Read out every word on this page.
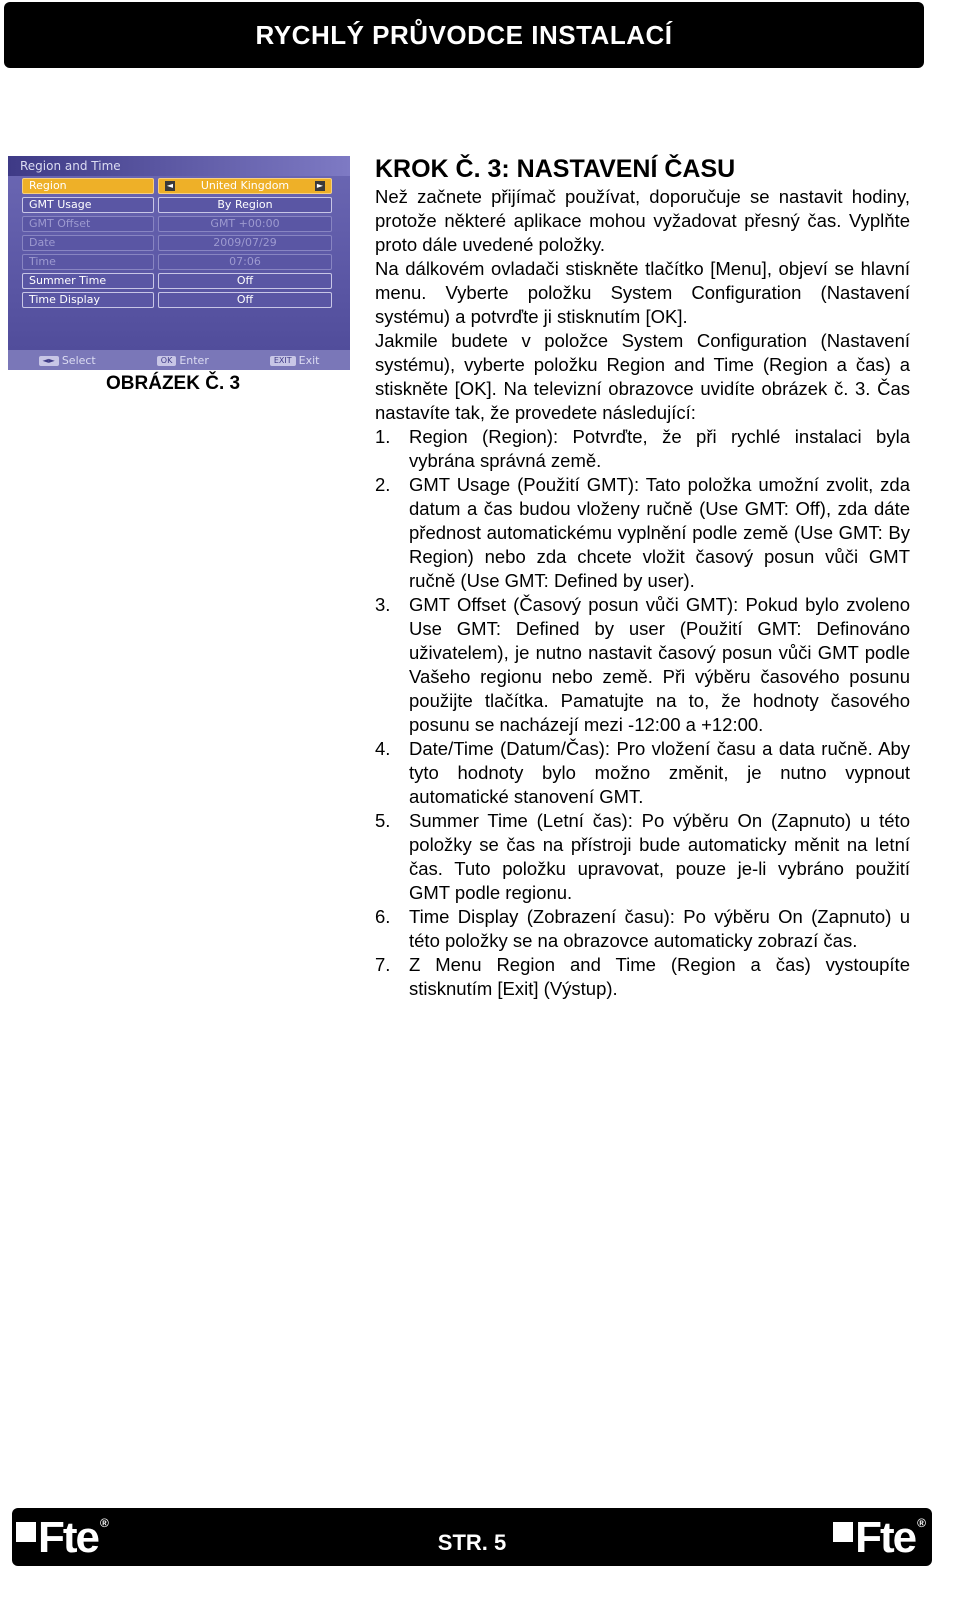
RYCHLÝ PRŮVODCE INSTALACÍ
Region and Time
Region	◄	United Kingdom	►
GMT Usage	By Region
GMT Offset	GMT +00:00
Date	2009/07/29
Time	07:06
Summer Time	Off
Time Display	Off
◄► Select	OK Enter	EXIT Exit
OBRÁZEK Č. 3
KROK Č. 3: NASTAVENÍ ČASU

Než začnete přijímač používat, doporučuje se nastavit hodiny, protože některé aplikace mohou vyžadovat přesný čas. Vyplňte proto dále uvedené položky.

Na dálkovém ovladači stiskněte tlačítko [Menu], objeví se hlavní menu. Vyberte položku System Configuration (Nastavení systému) a potvrďte ji stisknutím [OK].

Jakmile budete v položce System Configuration (Nastavení systému), vyberte položku Region and Time (Region a čas) a stiskněte [OK]. Na televizní obrazovce uvidíte obrázek č. 3. Čas nastavíte tak, že provedete následující:

1.	Region (Region): Potvrďte, že při rychlé instalaci byla vybrána správná země.
2.	GMT Usage (Použití GMT): Tato položka umožní zvolit, zda datum a čas budou vloženy ručně (Use GMT: Off), zda dáte přednost automatickému vyplnění podle země (Use GMT: By Region) nebo zda chcete vložit časový posun vůči GMT ručně (Use GMT: Defined by user).
3.	GMT Offset (Časový posun vůči GMT): Pokud bylo zvoleno Use GMT: Defined by user (Použití GMT: Definováno uživatelem), je nutno nastavit časový posun vůči GMT podle Vašeho regionu nebo země. Při výběru časového posunu použijte tlačítka. Pamatujte na to, že hodnoty časového posunu se nacházejí mezi -12:00 a +12:00.
4.	Date/Time (Datum/Čas): Pro vložení času a data ručně. Aby tyto hodnoty bylo možno změnit, je nutno vypnout automatické stanovení GMT.
5.	Summer Time (Letní čas): Po výběru On (Zapnuto) u této položky se čas na přístroji bude automaticky měnit na letní čas. Tuto položku upravovat, pouze je-li vybráno použití GMT podle regionu.
6.	Time Display (Zobrazení času): Po výběru On (Zapnuto) u této položky se na obrazovce automaticky zobrazí čas.
7.	Z Menu Region and Time (Region a čas) vystoupíte stisknutím [Exit] (Výstup).
Fte ®
STR. 5	Fte ®
